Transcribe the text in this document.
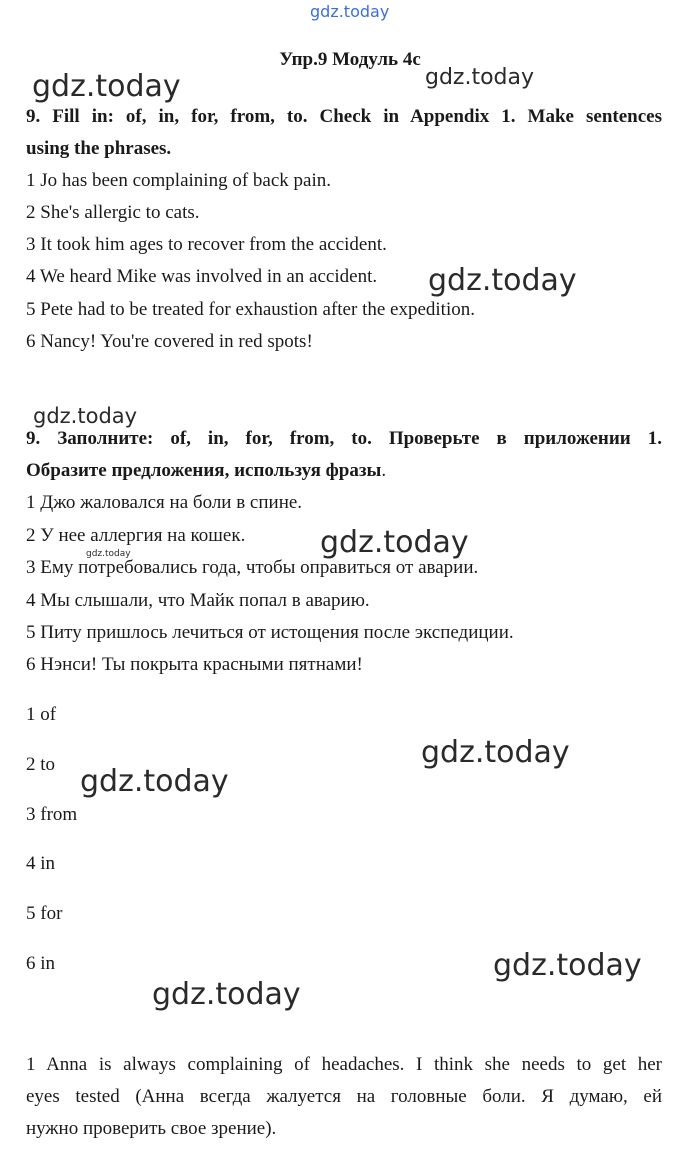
gdz.today
gdz.today	gdz.today
gdz.today
gdz.today
gdz.today
gdz.today
gdz.today
gdz.today
gdz.today
gdz.today
Упр.9 Модуль 4с
9. Fill in: of, in, for, from, to. Check in Appendix 1. Make sentences
using the phrases.
1 Jo has been complaining of back pain.
2 She's allergic to cats.
3 It took him ages to recover from the accident.
4 We heard Mike was involved in an accident.
5 Pete had to be treated for exhaustion after the expedition.
6 Nancy! You're covered in red spots!
9. Заполните: of, in, for, from, to. Проверьте в приложении 1.
Образите предложения, используя фразы.
1 Джо жаловался на боли в спине.
2 У нее аллергия на кошек.
3 Ему потребовались года, чтобы оправиться от аварии.
4 Мы слышали, что Майк попал в аварию.
5 Питу пришлось лечиться от истощения после экспедиции.
6 Нэнси! Ты покрыта красными пятнами!
1 of
2 to
3 from
4 in
5 for
6 in
1 Anna is always complaining of headaches. I think she needs to get her
eyes tested (Анна всегда жалуется на головные боли. Я думаю, ей
нужно проверить свое зрение).
